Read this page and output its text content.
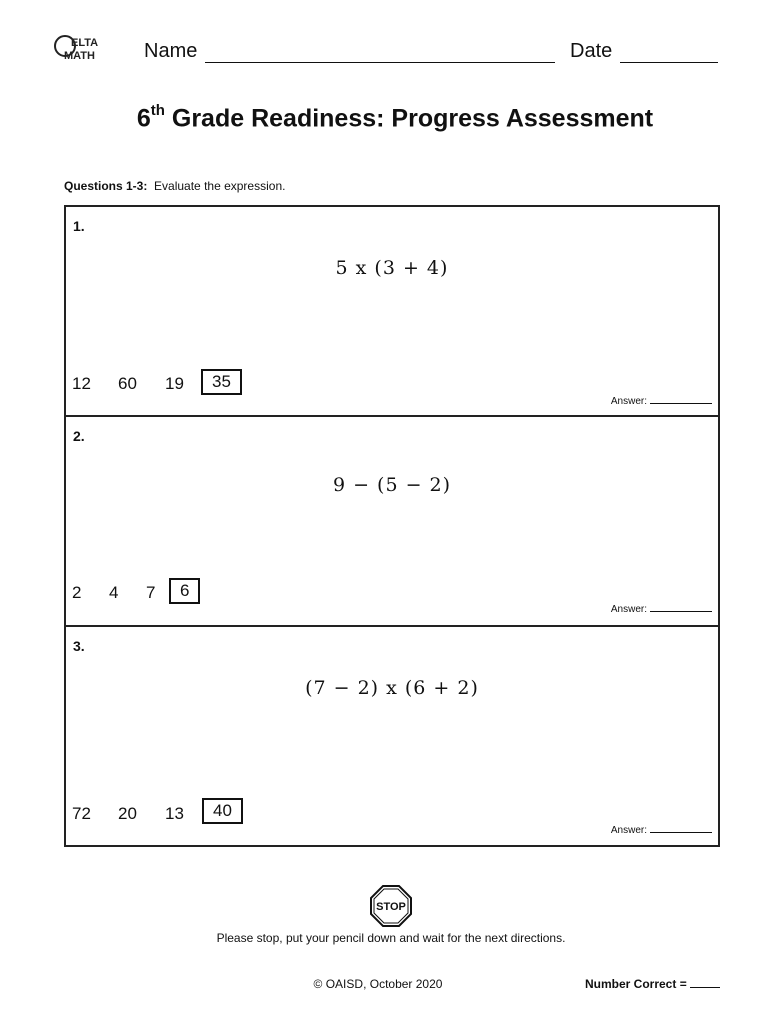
ELTA
MATH Name	Date
6th Grade Readiness: Progress Assessment
Questions 1-3: Evaluate the expression.
1.
5 x (3 + 4)
12 60 19	35
Answer:
9 − (5 − 2)
2.
2 4 7	6
Answer:
3.
(7 − 2) x (6 + 2)
72 20 13	40
Answer:
STOP
Please stop, put your pencil down and wait for the next directions.
© OAISD, October 2020	Number Correct =
